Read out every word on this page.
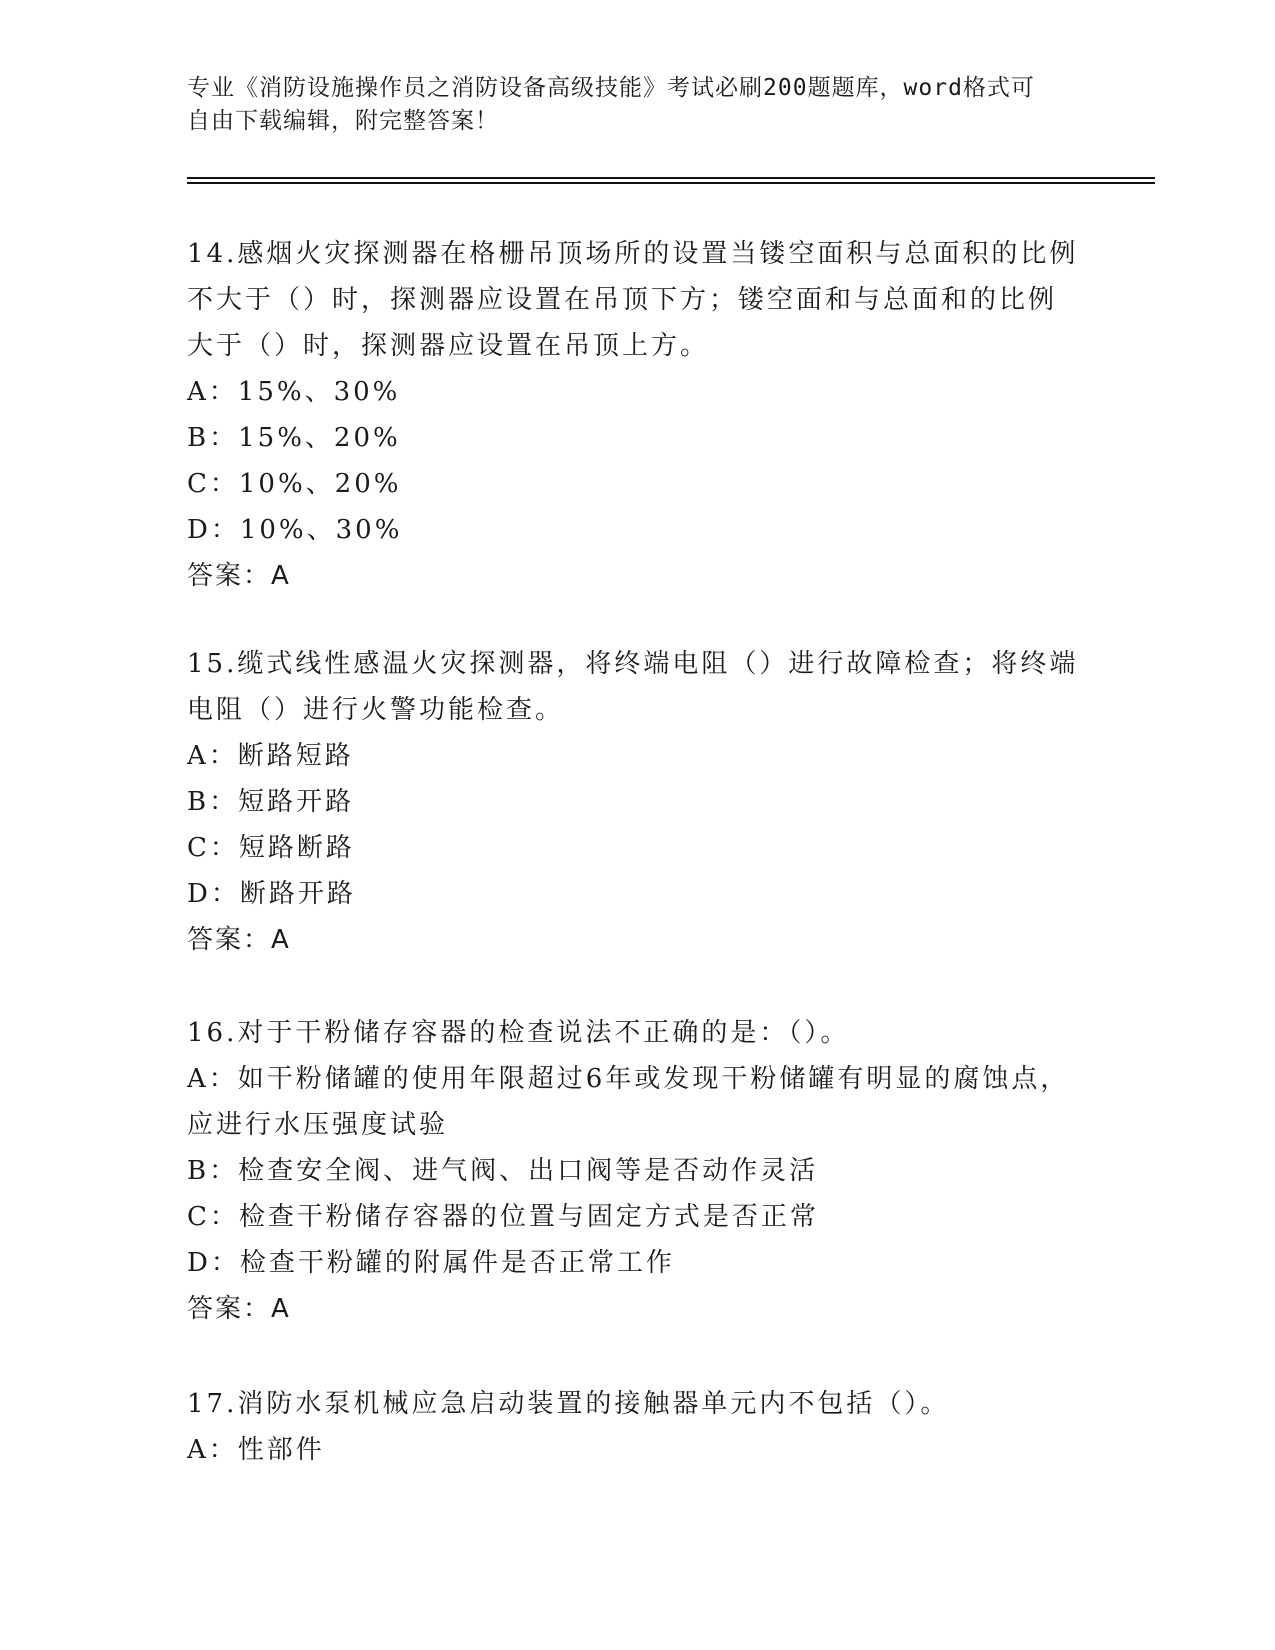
专业《消防设施操作员之消防设备高级技能》考试必刷200题题库，word格式可
自由下载编辑，附完整答案！
14.感烟火灾探测器在格栅吊顶场所的设置当镂空面积与总面积的比例
不大于（）时，探测器应设置在吊顶下方；镂空面和与总面和的比例
大于（）时，探测器应设置在吊顶上方。
A：15%、30%
B：15%、20%
C：10%、20%
D：10%、30%
答案：A
15.缆式线性感温火灾探测器，将终端电阻（）进行故障检查；将终端
电阻（）进行火警功能检查。
A：断路短路
B：短路开路
C：短路断路
D：断路开路
答案：A
16.对于干粉储存容器的检查说法不正确的是：（）。
A：如干粉储罐的使用年限超过6年或发现干粉储罐有明显的腐蚀点，
应进行水压强度试验
B：检查安全阀、进气阀、出口阀等是否动作灵活
C：检查干粉储存容器的位置与固定方式是否正常
D：检查干粉罐的附属件是否正常工作
答案：A
17.消防水泵机械应急启动装置的接触器单元内不包括（）。
A：性部件
